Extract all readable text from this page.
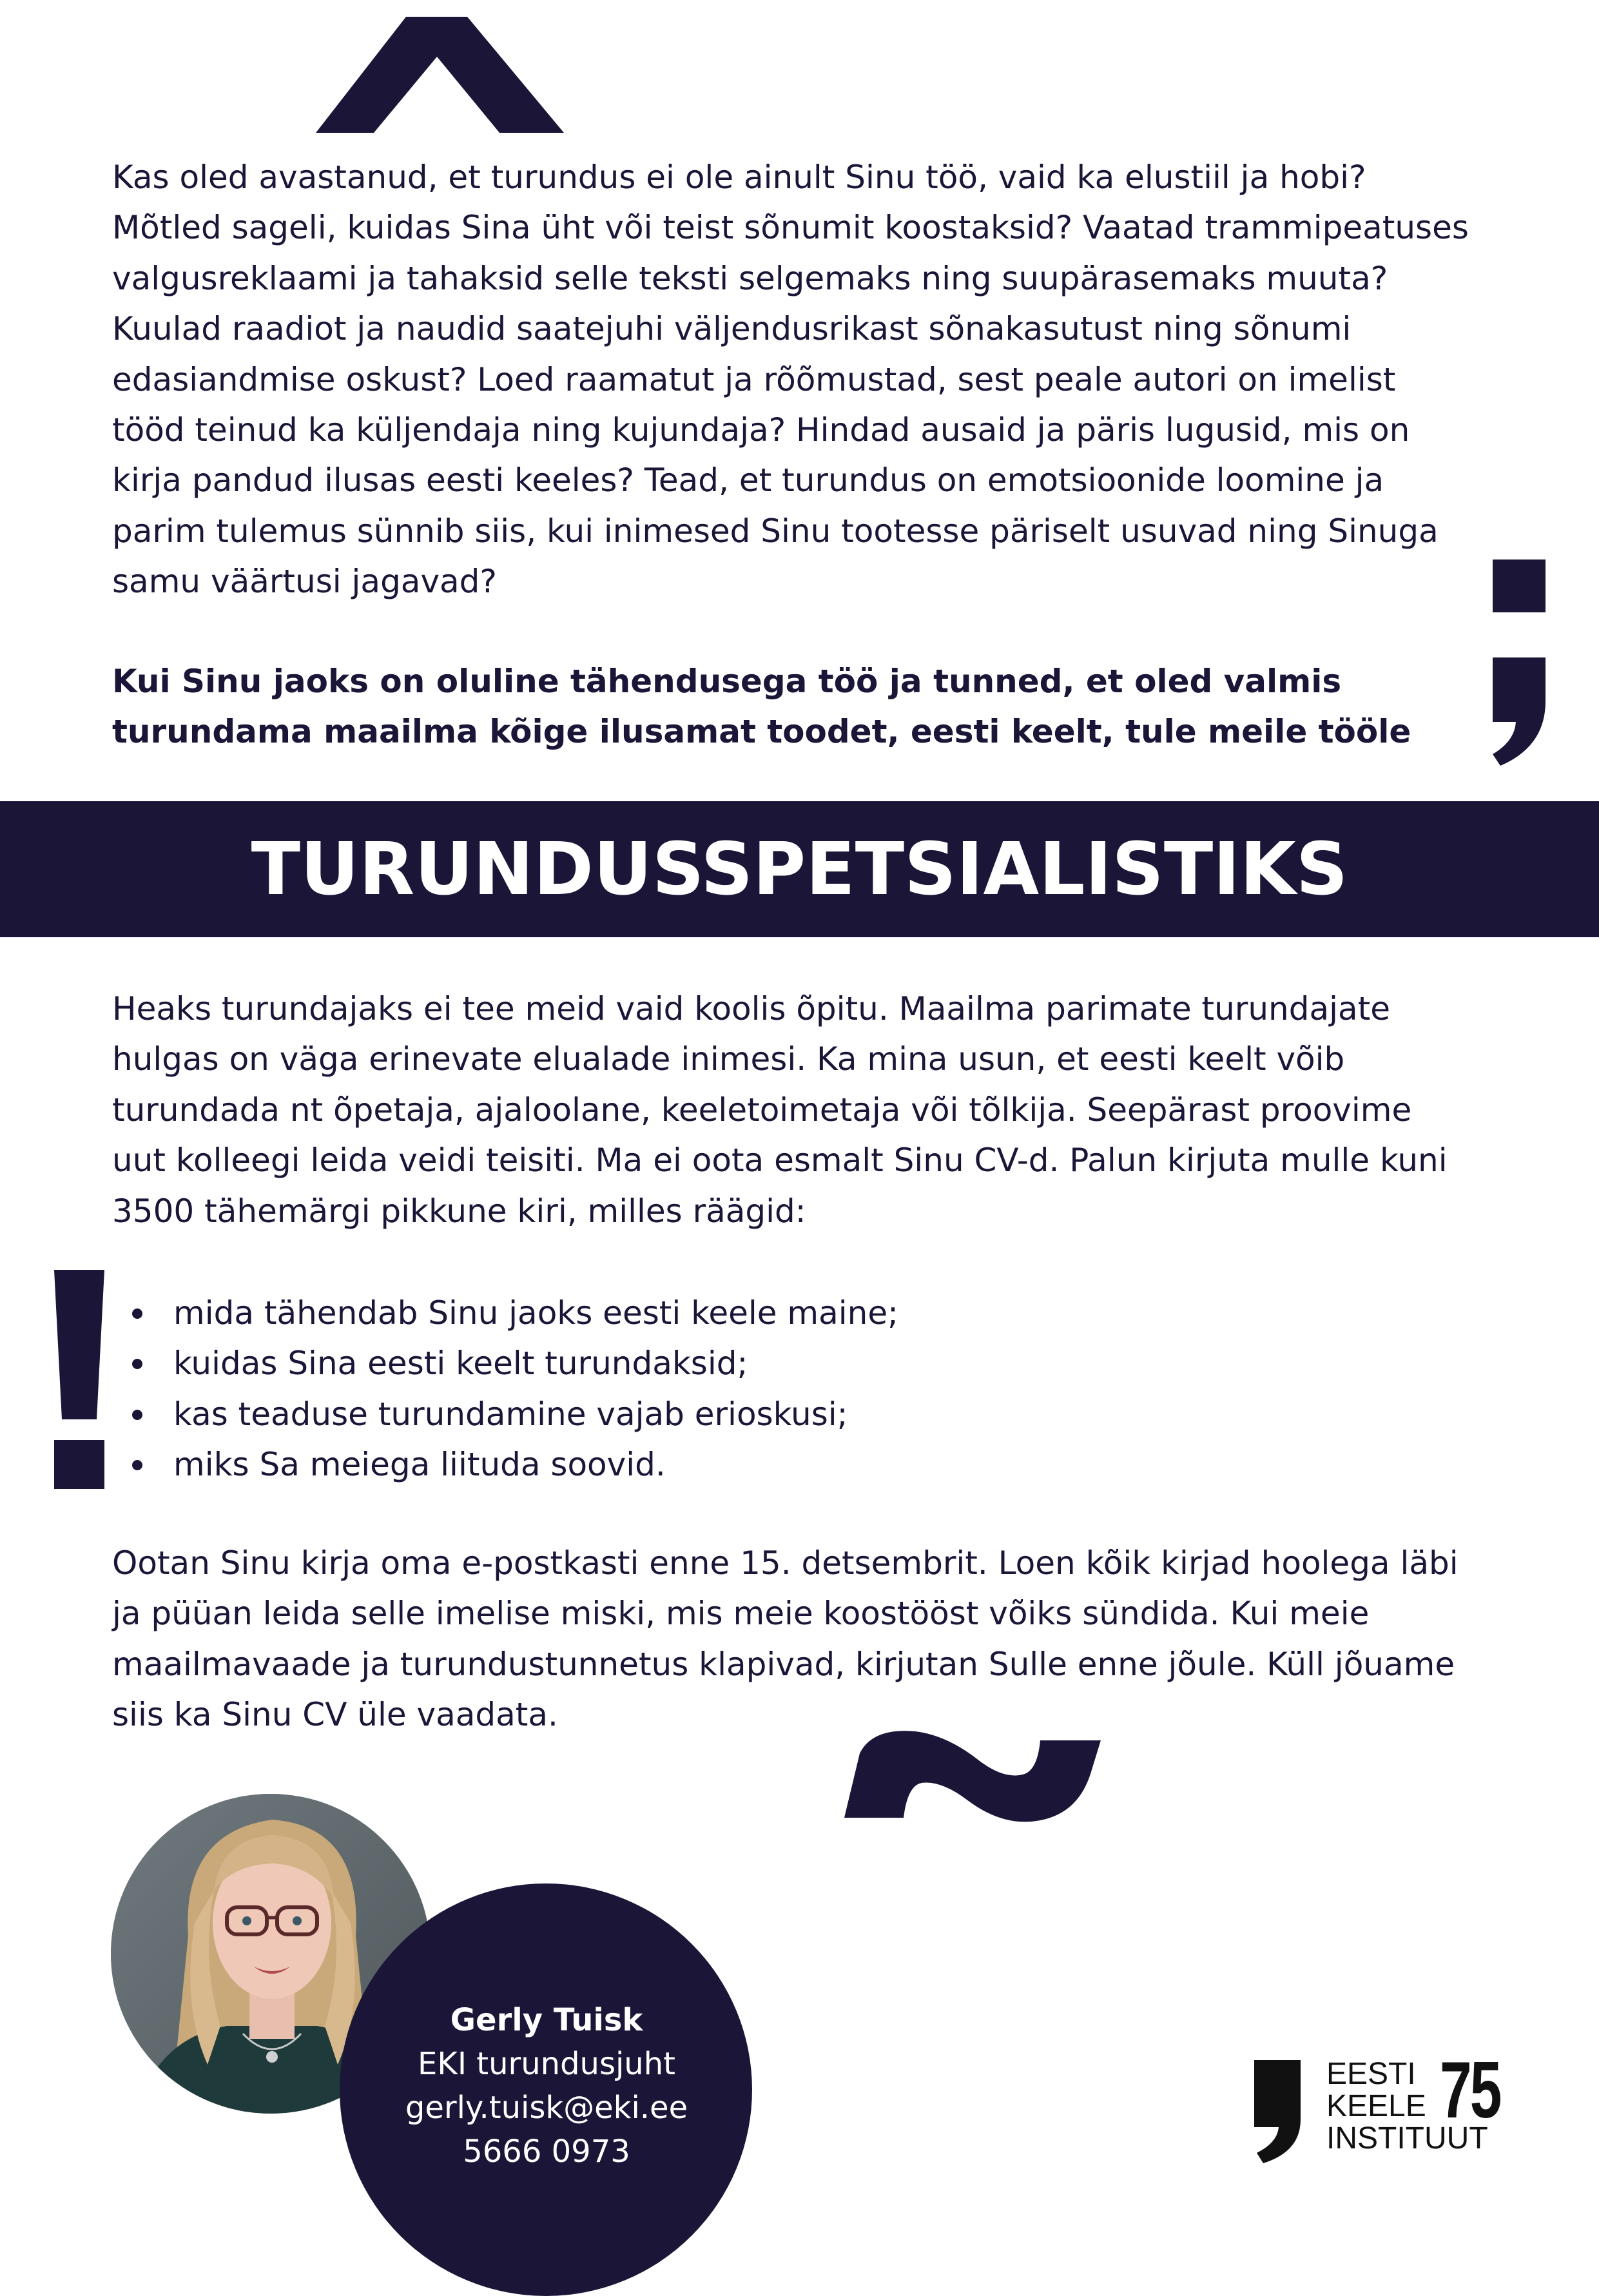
Kas oled avastanud, et turundus ei ole ainult Sinu töö, vaid ka elustiil ja hobi?
Mõtled sageli, kuidas Sina üht või teist sõnumit koostaksid? Vaatad trammipeatuses
valgusreklaami ja tahaksid selle teksti selgemaks ning suupärasemaks muuta?
Kuulad raadiot ja naudid saatejuhi väljendusrikast sõnakasutust ning sõnumi
edasiandmise oskust? Loed raamatut ja rõõmustad, sest peale autori on imelist
tööd teinud ka küljendaja ning kujundaja? Hindad ausaid ja päris lugusid, mis on
kirja pandud ilusas eesti keeles? Tead, et turundus on emotsioonide loomine ja
parim tulemus sünnib siis, kui inimesed Sinu tootesse päriselt usuvad ning Sinuga
samu väärtusi jagavad?

Kui Sinu jaoks on oluline tähendusega töö ja tunned, et oled valmis
turundama maailma kõige ilusamat toodet, eesti keelt, tule meile tööle

TURUNDUSSPETSIALISTIKS

Heaks turundajaks ei tee meid vaid koolis õpitu. Maailma parimate turundajate
hulgas on väga erinevate elualade inimesi. Ka mina usun, et eesti keelt võib
turundada nt õpetaja, ajaloolane, keeletoimetaja või tõlkija. Seepärast proovime
uut kolleegi leida veidi teisiti. Ma ei oota esmalt Sinu CV-d. Palun kirjuta mulle kuni
3500 tähemärgi pikkune kiri, milles räägid:

mida tähendab Sinu jaoks eesti keele maine;
kuidas Sina eesti keelt turundaksid;
kas teaduse turundamine vajab erioskusi;
miks Sa meiega liituda soovid.

Ootan Sinu kirja oma e-postkasti enne 15. detsembrit. Loen kõik kirjad hoolega läbi
ja püüan leida selle imelise miski, mis meie koostööst võiks sündida. Kui meie
maailmavaade ja turundustunnetus klapivad, kirjutan Sulle enne jõule. Küll jõuame
siis ka Sinu CV üle vaadata.

Gerly Tuisk
EKI turundusjuht
gerly.tuisk@eki.ee
5666 0973
EESTI
KEELE
INSTITUUT
75
